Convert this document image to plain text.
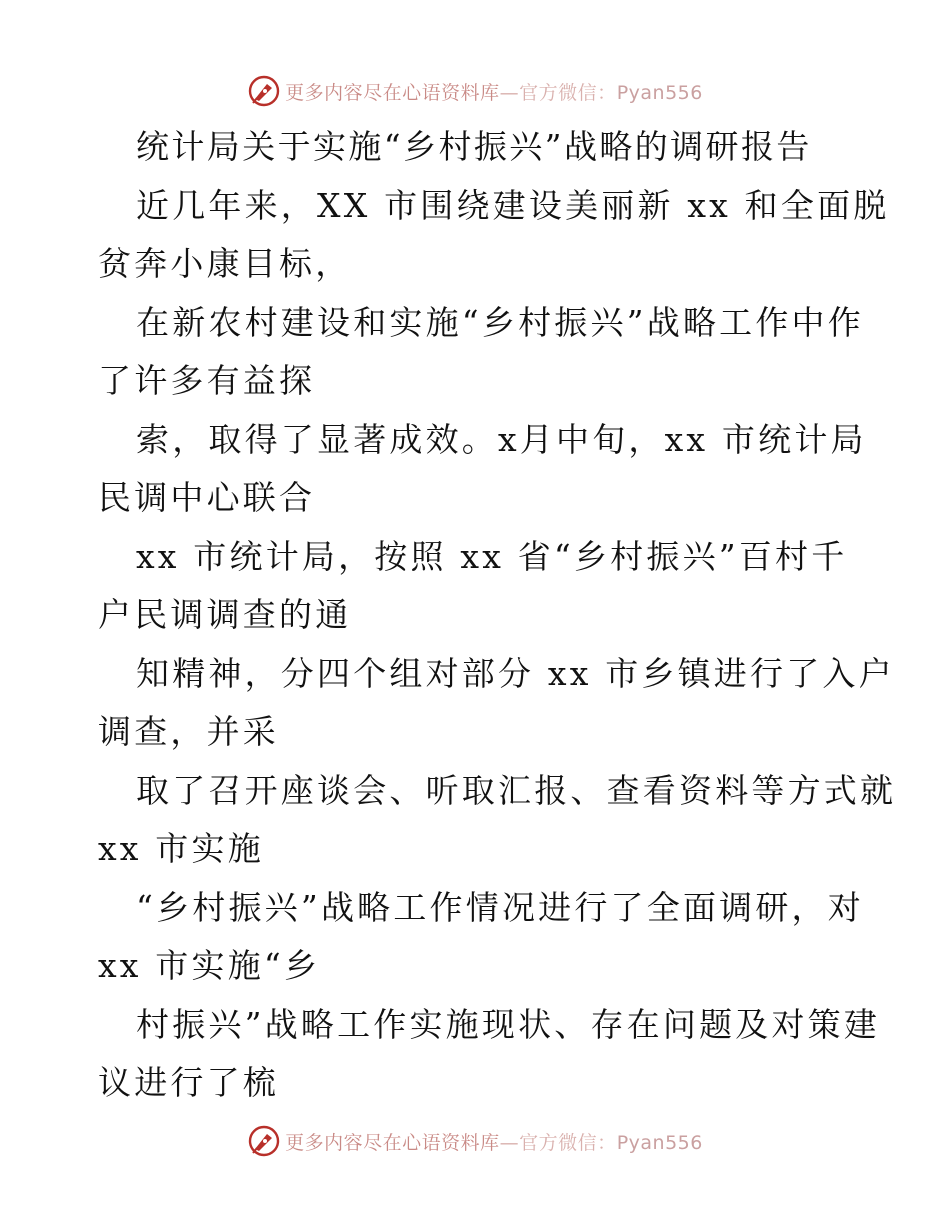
更多内容尽在心语资料库—官方微信：Pyan556
统计局关于实施“乡村振兴”战略的调研报告
近几年来，XX 市围绕建设美丽新 xx 和全面脱
贫奔小康目标，
在新农村建设和实施“乡村振兴”战略工作中作
了许多有益探
索，取得了显著成效。x月中旬，xx 市统计局
民调中心联合
xx 市统计局，按照 xx 省“乡村振兴”百村千
户民调调查的通
知精神，分四个组对部分 xx 市乡镇进行了入户
调查，并采
取了召开座谈会、听取汇报、查看资料等方式就
xx 市实施
“乡村振兴”战略工作情况进行了全面调研，对
xx 市实施“乡
村振兴”战略工作实施现状、存在问题及对策建
议进行了梳
更多内容尽在心语资料库—官方微信：Pyan556
